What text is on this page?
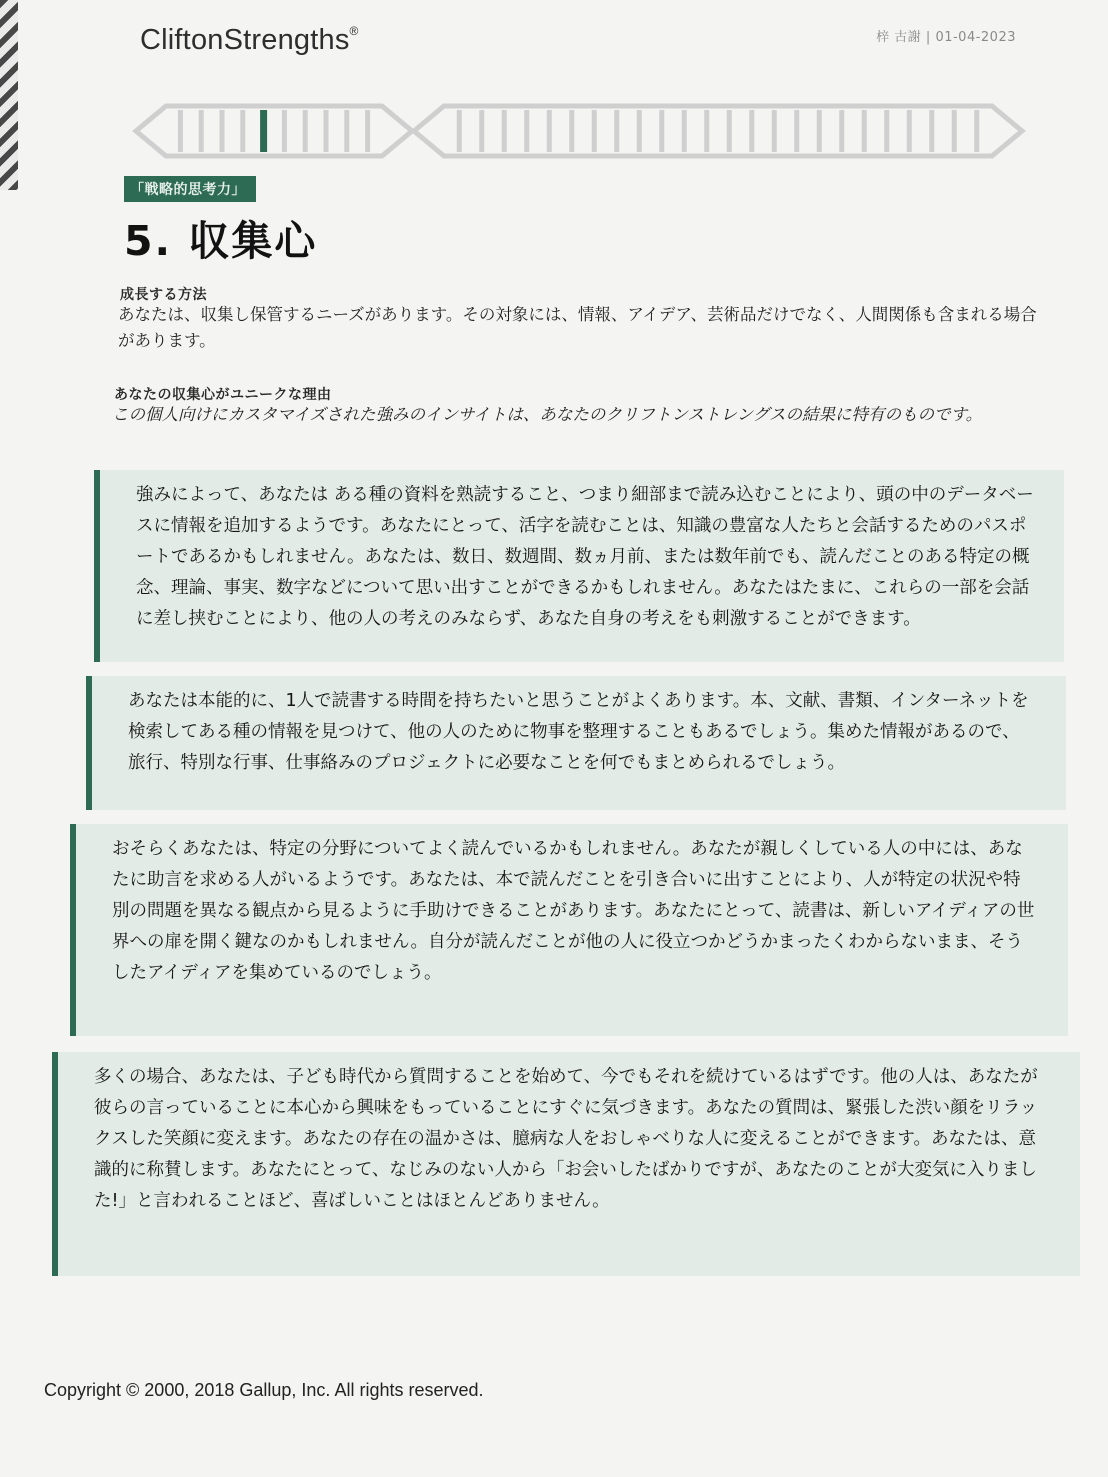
CliftonStrengths®	梓 古謝 | 01-04-2023
「戦略的思考力」
5. 収集心
成長する方法
あなたは、収集し保管するニーズがあります。その対象には、情報、アイデア、芸術品だけでなく、人間関係も含まれる場合があります。
あなたの収集心がユニークな理由
この個人向けにカスタマイズされた強みのインサイトは、あなたのクリフトンストレングスの結果に特有のものです。
強みによって、あなたは ある種の資料を熟読すること、つまり細部まで読み込むことにより、頭の中のデータベースに情報を追加するようです。あなたにとって、活字を読むことは、知識の豊富な人たちと会話するためのパスポートであるかもしれません。あなたは、数日、数週間、数ヵ月前、または数年前でも、読んだことのある特定の概念、理論、事実、数字などについて思い出すことができるかもしれません。あなたはたまに、これらの一部を会話に差し挟むことにより、他の人の考えのみならず、あなた自身の考えをも刺激することができます。
あなたは本能的に、1人で読書する時間を持ちたいと思うことがよくあります。本、文献、書類、インターネットを検索してある種の情報を見つけて、他の人のために物事を整理することもあるでしょう。集めた情報があるので、旅行、特別な行事、仕事絡みのプロジェクトに必要なことを何でもまとめられるでしょう。
おそらくあなたは、特定の分野についてよく読んでいるかもしれません。あなたが親しくしている人の中には、あなたに助言を求める人がいるようです。あなたは、本で読んだことを引き合いに出すことにより、人が特定の状況や特別の問題を異なる観点から見るように手助けできることがあります。あなたにとって、読書は、新しいアイディアの世界への扉を開く鍵なのかもしれません。自分が読んだことが他の人に役立つかどうかまったくわからないまま、そうしたアイディアを集めているのでしょう。
多くの場合、あなたは、子ども時代から質問することを始めて、今でもそれを続けているはずです。他の人は、あなたが彼らの言っていることに本心から興味をもっていることにすぐに気づきます。あなたの質問は、緊張した渋い顔をリラックスした笑顔に変えます。あなたの存在の温かさは、臆病な人をおしゃべりな人に変えることができます。あなたは、意識的に称賛します。あなたにとって、なじみのない人から「お会いしたばかりですが、あなたのことが大変気に入りました!」と言われることほど、喜ばしいことはほとんどありません。
Copyright © 2000, 2018 Gallup, Inc. All rights reserved.
